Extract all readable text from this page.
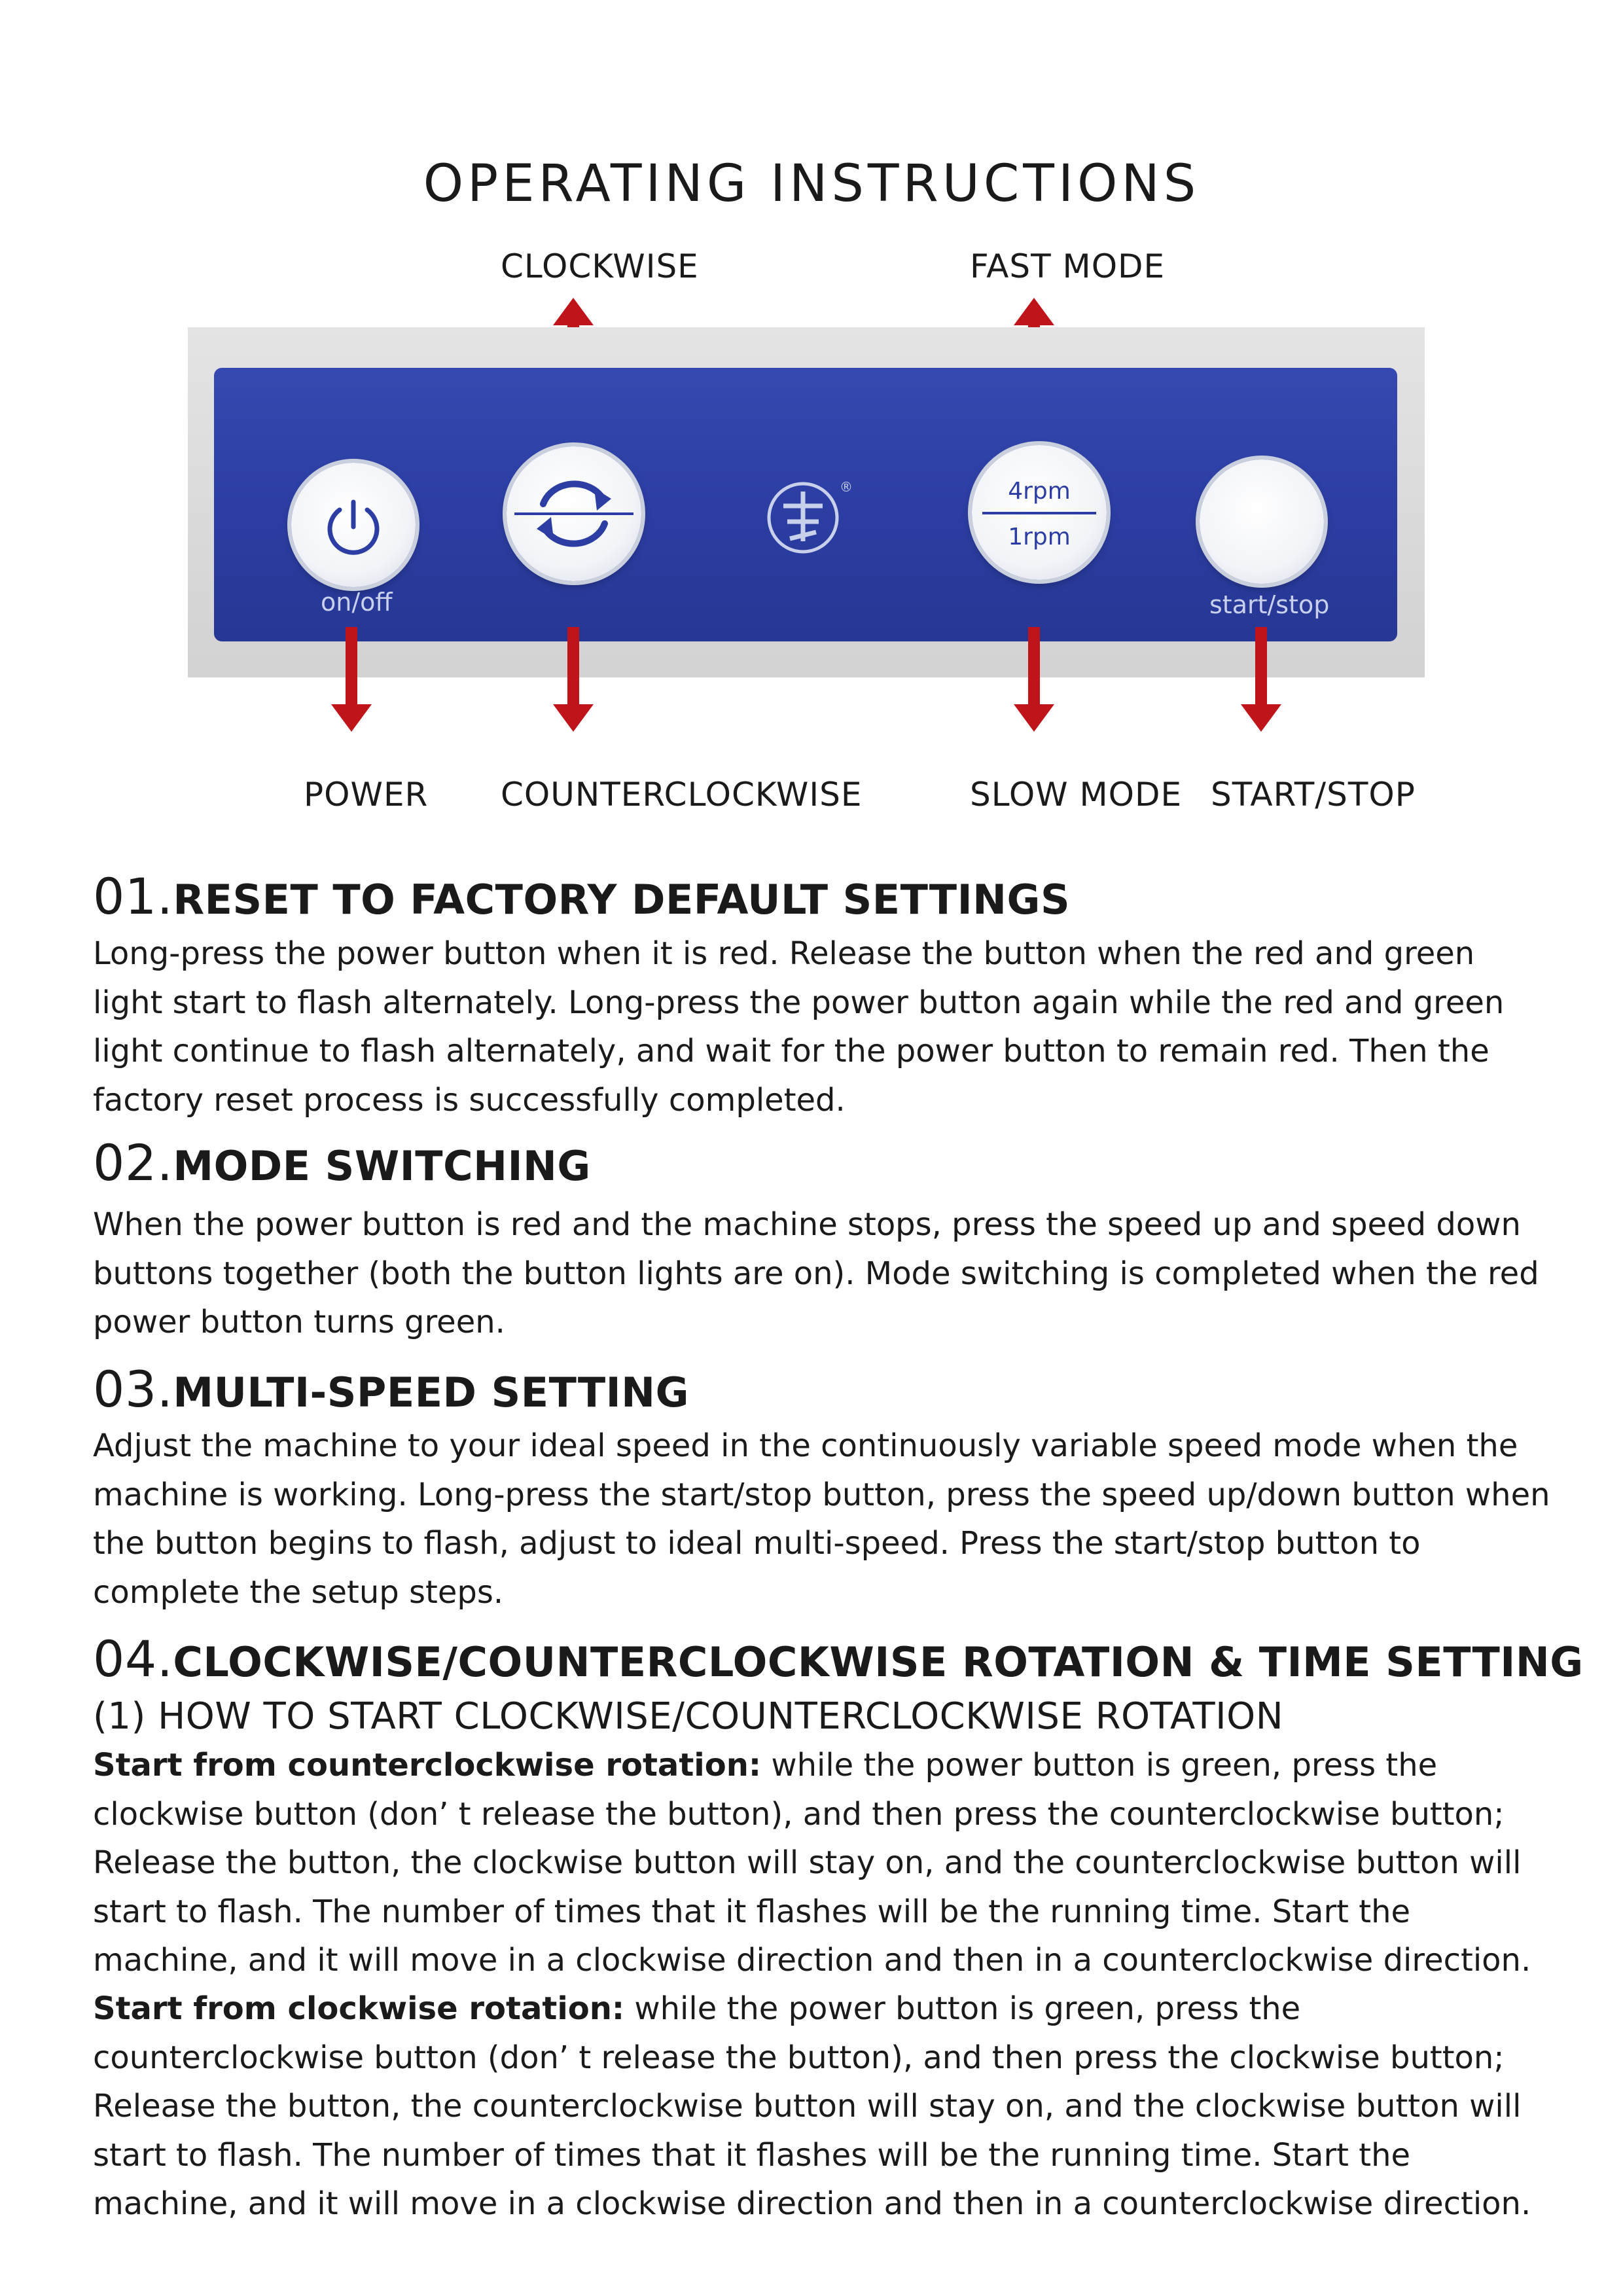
OPERATING INSTRUCTIONS
CLOCKWISE	FAST MODE
on/off
®	4rpm
1rpm
start/stop
POWER COUNTERCLOCKWISE	SLOW MODE START/STOP
01.RESET TO FACTORY DEFAULT SETTINGS

Long-press the power button when it is red. Release the button when the red and green light start to flash alternately. Long-press the power button again while the red and green light continue to flash alternately, and wait for the power button to remain red. Then the factory reset process is successfully completed.

02.MODE SWITCHING

When the power button is red and the machine stops, press the speed up and speed down buttons together (both the button lights are on). Mode switching is completed when the red power button turns green.

03.MULTI-SPEED SETTING

Adjust the machine to your ideal speed in the continuously variable speed mode when the machine is working. Long-press the start/stop button, press the speed up/down button when the button begins to flash, adjust to ideal multi-speed. Press the start/stop button to complete the setup steps.

04.CLOCKWISE/COUNTERCLOCKWISE ROTATION & TIME SETTING
(1) HOW TO START CLOCKWISE/COUNTERCLOCKWISE ROTATION

Start from counterclockwise rotation: while the power button is green, press the clockwise button (don’ t release the button), and then press the counterclockwise button; Release the button, the clockwise button will stay on, and the counterclockwise button will start to flash. The number of times that it flashes will be the running time. Start the machine, and it will move in a clockwise direction and then in a counterclockwise direction.

Start from clockwise rotation: while the power button is green, press the counterclockwise button (don’ t release the button), and then press the clockwise button; Release the button, the counterclockwise button will stay on, and the clockwise button will start to flash. The number of times that it flashes will be the running time. Start the machine, and it will move in a clockwise direction and then in a counterclockwise direction.
